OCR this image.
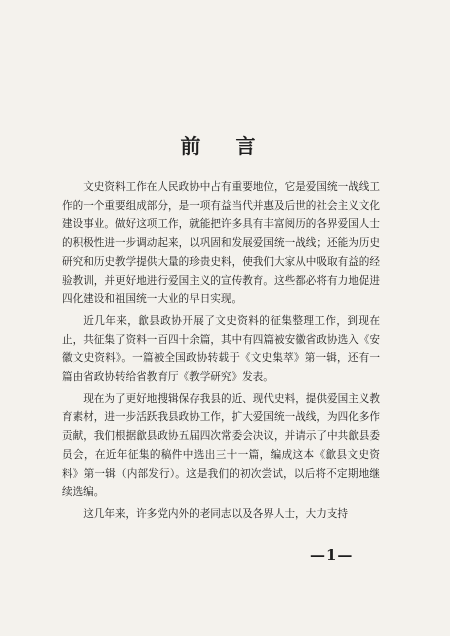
前 言

文史资料工作在人民政协中占有重要地位，它是爱国统一战线工作的一个重要组成部分，是一项有益当代并惠及后世的社会主义文化建设事业。做好这项工作，就能把许多具有丰富阅历的各界爱国人士的积极性进一步调动起来，以巩固和发展爱国统一战线；还能为历史研究和历史教学提供大量的珍贵史料，使我们大家从中吸取有益的经验教训，并更好地进行爱国主义的宣传教育。这些都必将有力地促进四化建设和祖国统一大业的早日实现。

近几年来，歙县政协开展了文史资料的征集整理工作，到现在止，共征集了资料一百四十余篇，其中有四篇被安徽省政协选入《安徽文史资料》。一篇被全国政协转载于《文史集萃》第一辑，还有一篇由省政协转给省教育厅《教学研究》发表。

现在为了更好地搜辑保存我县的近、现代史料，提供爱国主义教育素材，进一步活跃我县政协工作，扩大爱国统一战线，为四化多作贡献，我们根据歙县政协五届四次常委会决议，并请示了中共歙县委员会，在近年征集的稿件中选出三十一篇，编成这本《歙县文史资料》第一辑（内部发行）。这是我们的初次尝试，以后将不定期地继续选编。

这几年来，许多党内外的老同志以及各界人士，大力支持

—1—
